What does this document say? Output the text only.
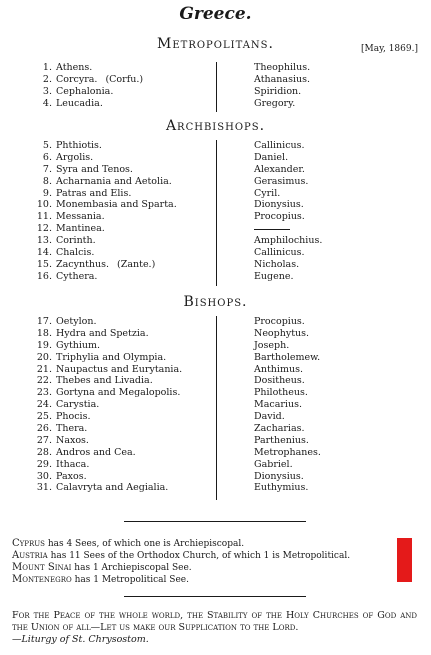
Greece.
[May, 1869.]
Metropolitans.
1. Athens.	Theophilus.
2. Corcyra. (Corfu.)	Athanasius.
3. Cephalonia.	Spiridion.
4. Leucadia.	Gregory.
Archbishops.
5. Phthiotis.	Callinicus.
6. Argolis.	Daniel.
7. Syra and Tenos.	Alexander.
8. Acharnania and Aetolia.	Gerasimus.
9. Patras and Elis.	Cyril.
10. Monembasia and Sparta.	Dionysius.
11. Messania.	Procopius.
12. Mantinea.
13. Corinth.	Amphilochius.
14. Chalcis.	Callinicus.
15. Zacynthus. (Zante.)	Nicholas.
16. Cythera.	Eugene.
Bishops.
17. Oetylon.	Procopius.
18. Hydra and Spetzia.	Neophytus.
19. Gythium.	Joseph.
20. Triphylia and Olympia.	Bartholemew.
21. Naupactus and Eurytania.	Anthimus.
22. Thebes and Livadia.	Dositheus.
23. Gortyna and Megalopolis.	Philotheus.
24. Carystia.	Macarius.
25. Phocis.	David.
26. Thera.	Zacharias.
27. Naxos.	Parthenius.
28. Andros and Cea.	Metrophanes.
29. Ithaca.	Gabriel.
30. Paxos.	Dionysius.
31. Calavryta and Aegialia.	Euthymius.
Cyprus has 4 Sees, of which one is Archiepiscopal.
Austria has 11 Sees of the Orthodox Church, of which 1 is Metropolitical.
Mount Sinai has 1 Archiepiscopal See.
Montenegro has 1 Metropolitical See.
For the Peace of the whole world, the Stability of the Holy Churches of God and the Union of all—Let us make our Supplication to the Lord.
—Liturgy of St. Chrysostom.
